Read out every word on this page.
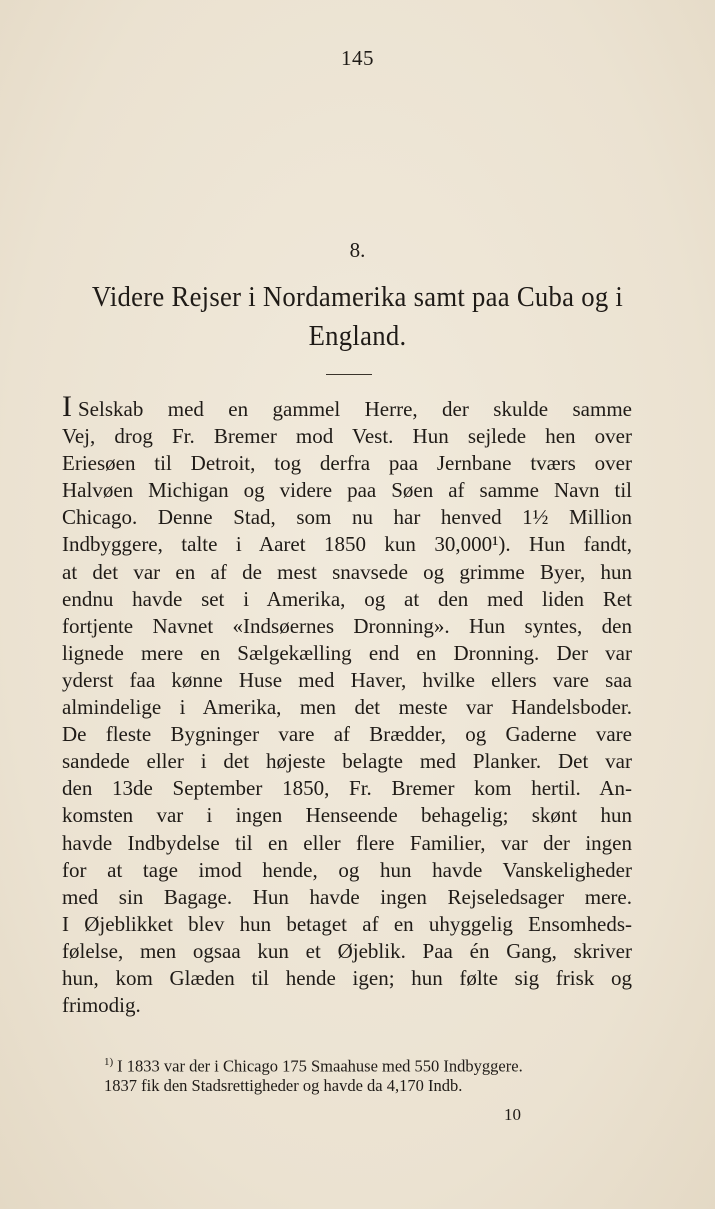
145
8.
Videre Rejser i Nordamerika samt paa Cuba og i
England.
I Selskab med en gammel Herre, der skulde samme
Vej, drog Fr. Bremer mod Vest. Hun sejlede hen over
Eriesøen til Detroit, tog derfra paa Jernbane tværs over
Halvøen Michigan og videre paa Søen af samme Navn til
Chicago. Denne Stad, som nu har henved 1½ Million
Indbyggere, talte i Aaret 1850 kun 30,000¹). Hun fandt,
at det var en af de mest snavsede og grimme Byer, hun
endnu havde set i Amerika, og at den med liden Ret
fortjente Navnet «Indsøernes Dronning». Hun syntes, den
lignede mere en Sælgekælling end en Dronning. Der var
yderst faa kønne Huse med Haver, hvilke ellers vare saa
almindelige i Amerika, men det meste var Handelsboder.
De fleste Bygninger vare af Brædder, og Gaderne vare
sandede eller i det højeste belagte med Planker. Det var
den 13de September 1850, Fr. Bremer kom hertil. An-
komsten var i ingen Henseende behagelig; skønt hun
havde Indbydelse til en eller flere Familier, var der ingen
for at tage imod hende, og hun havde Vanskeligheder
med sin Bagage. Hun havde ingen Rejseledsager mere.
I Øjeblikket blev hun betaget af en uhyggelig Ensomheds-
følelse, men ogsaa kun et Øjeblik. Paa én Gang, skriver
hun, kom Glæden til hende igen; hun følte sig frisk og
frimodig.
$^{1)}$ I 1833 var der i Chicago 175 Smaahuse med 550 Indbyggere.
1837 fik den Stadsrettigheder og havde da 4,170 Indb.
10
